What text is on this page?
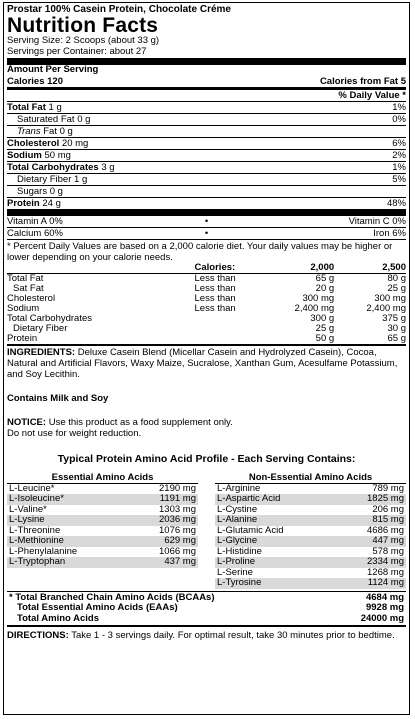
Prostar 100% Casein Protein, Chocolate Créme
Nutrition Facts
Serving Size: 2 Scoops (about 33 g)
Servings per Container: about 27
Amount Per Serving
Calories 120	Calories from Fat 5
% Daily Value *
Total Fat 1 g	1%
Saturated Fat 0 g	0%
Trans Fat 0 g
Cholesterol 20 mg	6%
Sodium 50 mg	2%
Total Carbohydrates 3 g	1%
Dietary Fiber 1 g	5%
Sugars 0 g
Protein 24 g	48%
Vitamin A 0%	•	Vitamin C 0%
Calcium 60%	•	Iron 6%
* Percent Daily Values are based on a 2,000 calorie diet. Your daily values may be higher or lower depending on your calorie needs.
	Calories:	2,000	2,500
Total Fat	Less than	65 g	80 g
Sat Fat	Less than	20 g	25 g
Cholesterol	Less than	300 mg	300 mg
Sodium	Less than	2,400 mg	2,400 mg
Total Carbohydrates		300 g	375 g
Dietary Fiber		25 g	30 g
Protein		50 g	65 g
INGREDIENTS: Deluxe Casein Blend (Micellar Casein and Hydrolyzed Casein), Cocoa, Natural and Artificial Flavors, Waxy Maize, Sucralose, Xanthan Gum, Acesulfame Potassium, and Soy Lecithin.
Contains Milk and Soy
NOTICE: Use this product as a food supplement only.
Do not use for weight reduction.
Typical Protein Amino Acid Profile - Each Serving Contains:
Essential Amino Acids
L-Leucine*	2190 mg
L-Isoleucine*	1191 mg
L-Valine*	1303 mg
L-Lysine	2036 mg
L-Threonine	1076 mg
L-Methionine	629 mg
L-Phenylalanine	1066 mg
L-Tryptophan	437 mg
Non-Essential Amino Acids
L-Arginine	789 mg
L-Aspartic Acid	1825 mg
L-Cystine	206 mg
L-Alanine	815 mg
L-Glutamic Acid	4686 mg
L-Glycine	447 mg
L-Histidine	578 mg
L-Proline	2334 mg
L-Serine	1268 mg
L-Tyrosine	1124 mg
* Total Branched Chain Amino Acids (BCAAs)	4684 mg
Total Essential Amino Acids (EAAs)	9928 mg
Total Amino Acids	24000 mg
DIRECTIONS: Take 1 - 3 servings daily. For optimal result, take 30 minutes prior to bedtime.
